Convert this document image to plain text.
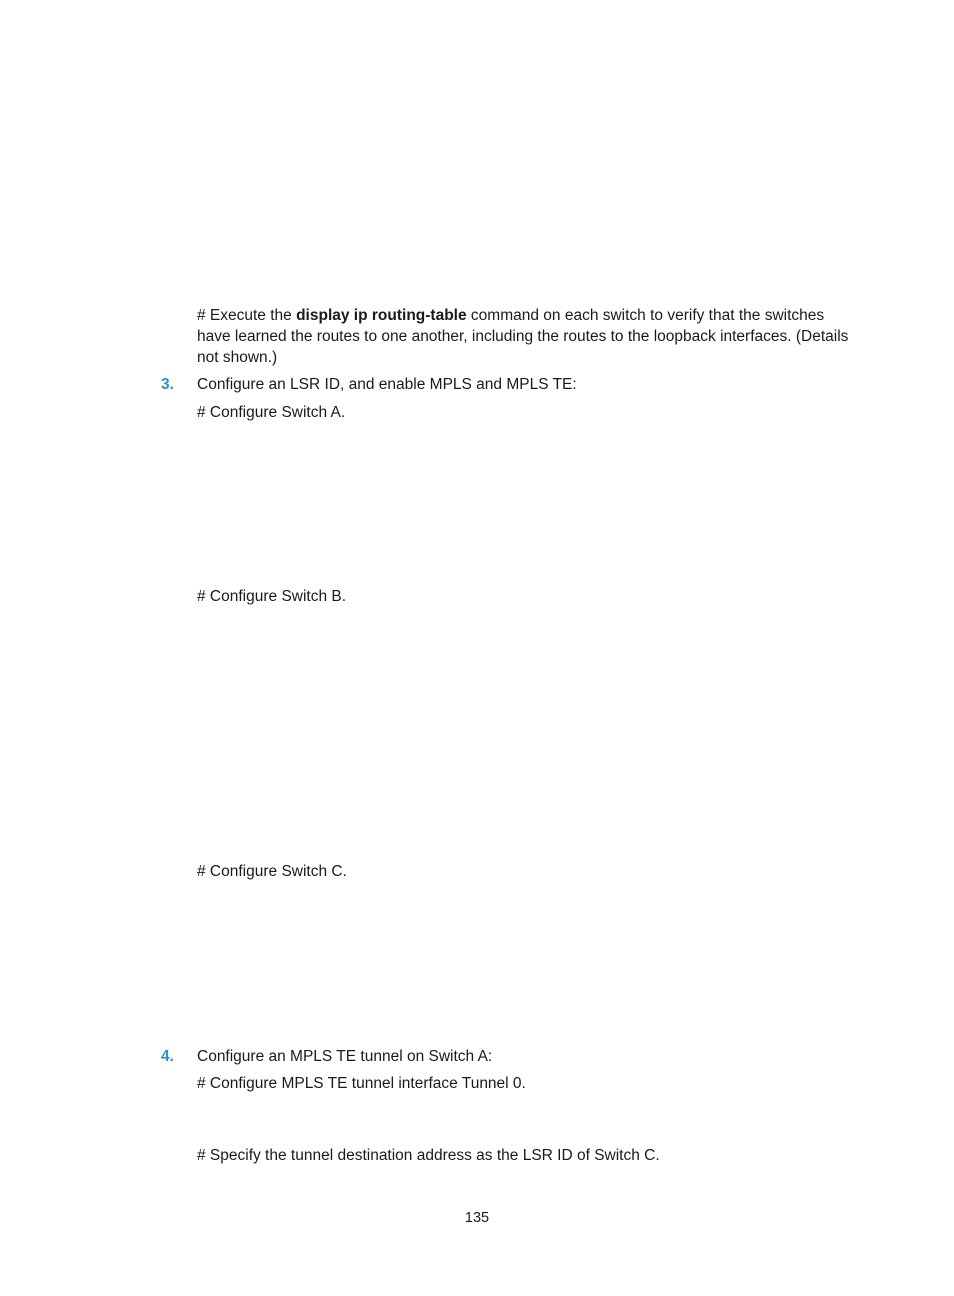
# Execute the display ip routing-table command on each switch to verify that the switches have learned the routes to one another, including the routes to the loopback interfaces. (Details not shown.)

3. Configure an LSR ID, and enable MPLS and MPLS TE:

# Configure Switch A.

# Configure Switch B.

# Configure Switch C.

4. Configure an MPLS TE tunnel on Switch A:

# Configure MPLS TE tunnel interface Tunnel 0.

# Specify the tunnel destination address as the LSR ID of Switch C.

135
